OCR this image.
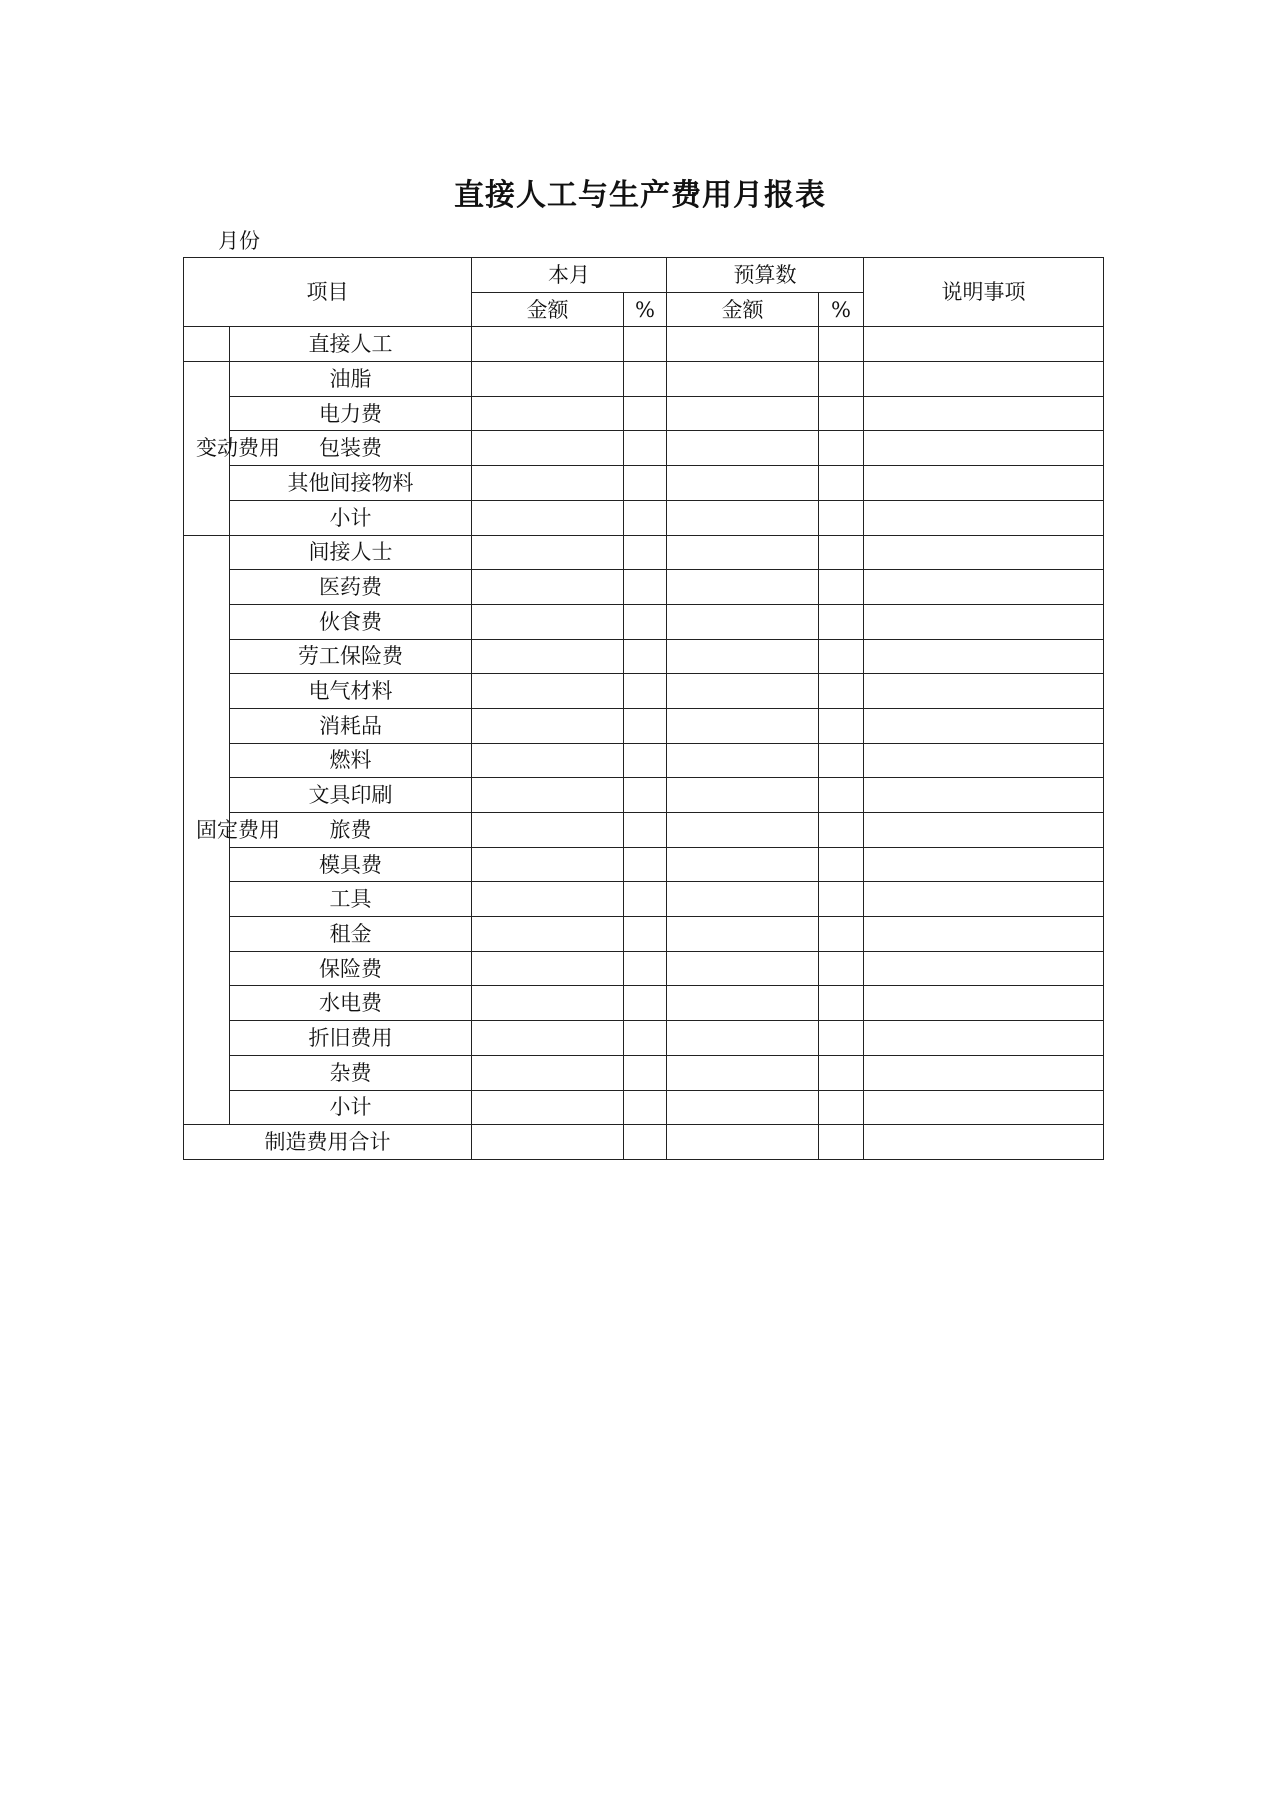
直接人工与生产费用月报表
月份
项目		本月		预算数		说明事项
		金额	%	金额	%	
	直接人工					

变动费用	油脂					
	电力费					
	包装费					
	其他间接物料					
	小计					

固定费用	间接人士					
	医药费					
	伙食费					
	劳工保险费					
	电气材料					
	消耗品					
	燃料					
	文具印刷					
	旅费					
	模具费					
	工具					
	租金					
	保险费					
	水电费					
	折旧费用					
	杂费					
	小计					
制造费用合计						
